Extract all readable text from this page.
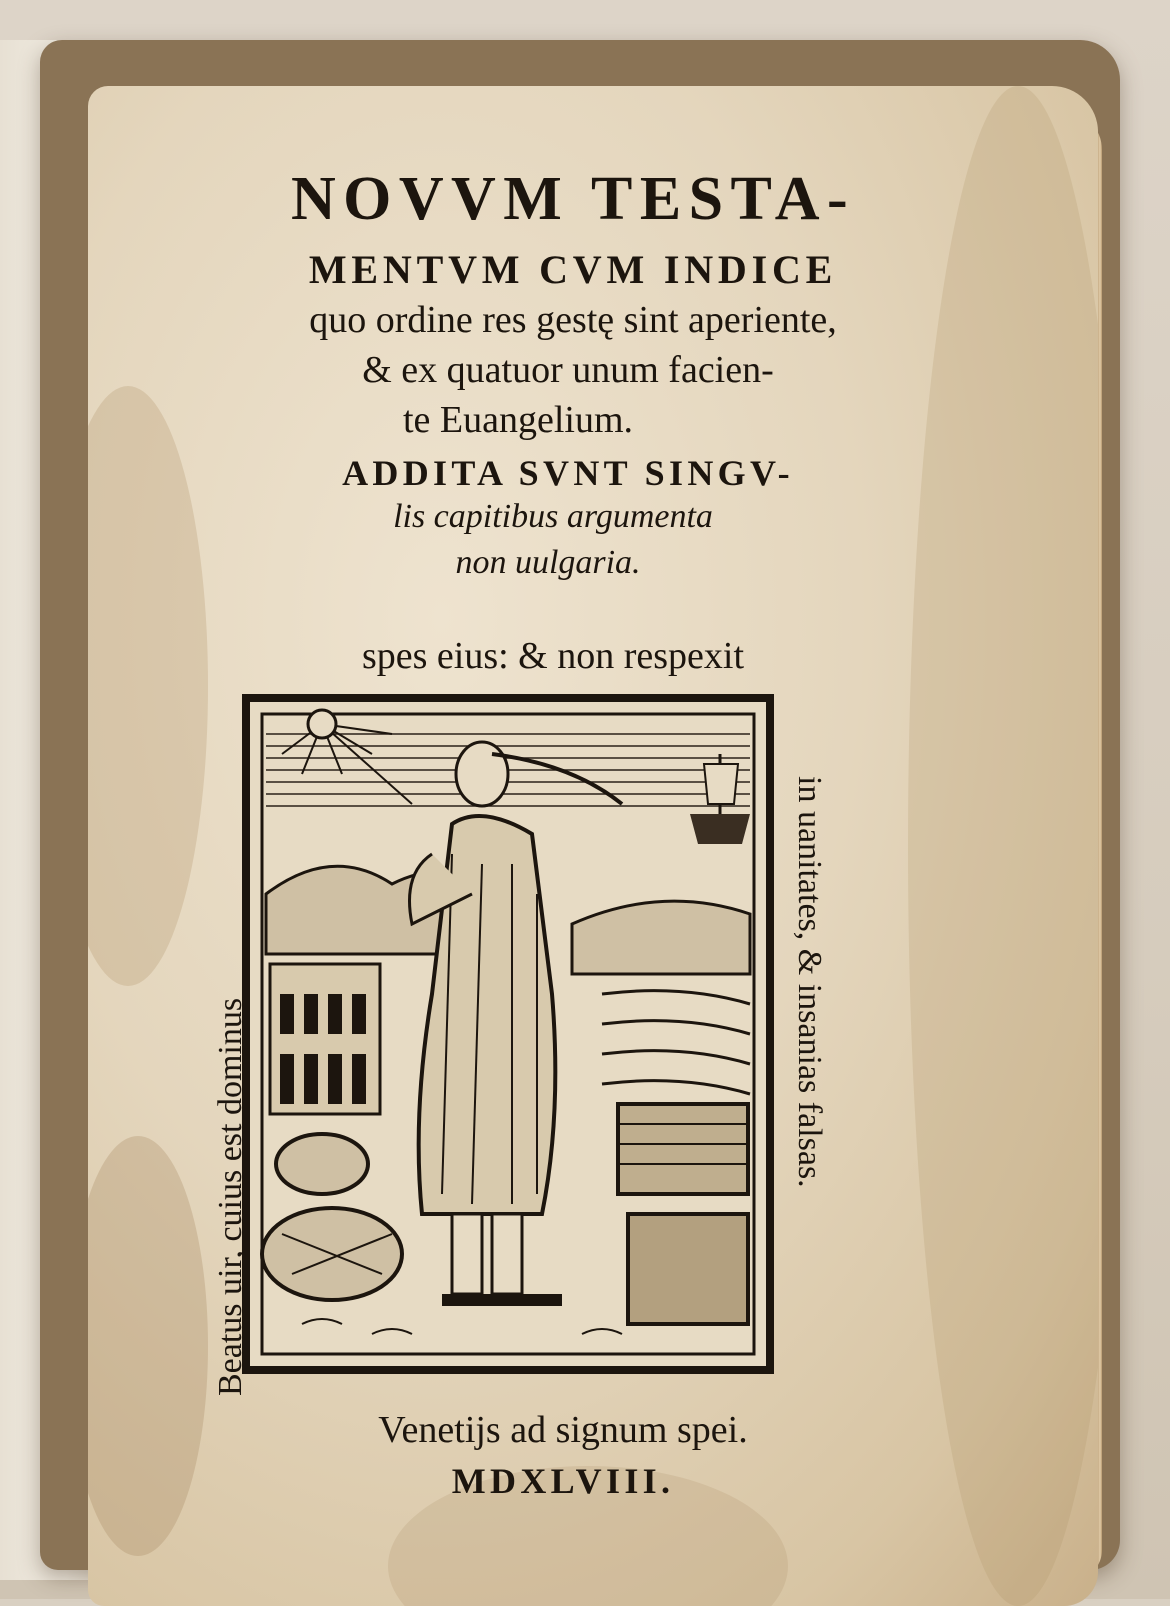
NOVVM TESTA-
MENTVM CVM INDICE
quo ordine res gestę sint aperiente,
& ex quatuor unum facien-
te Euangelium.
ADDITA SVNT SINGV-
lis capitibus argumenta
non uulgaria.
spes eius: & non respexit
Beatus uir, cuius est dominus
in uanitates, & insanias falsas.
Venetijs ad signum spei.
MDXLVIII.
